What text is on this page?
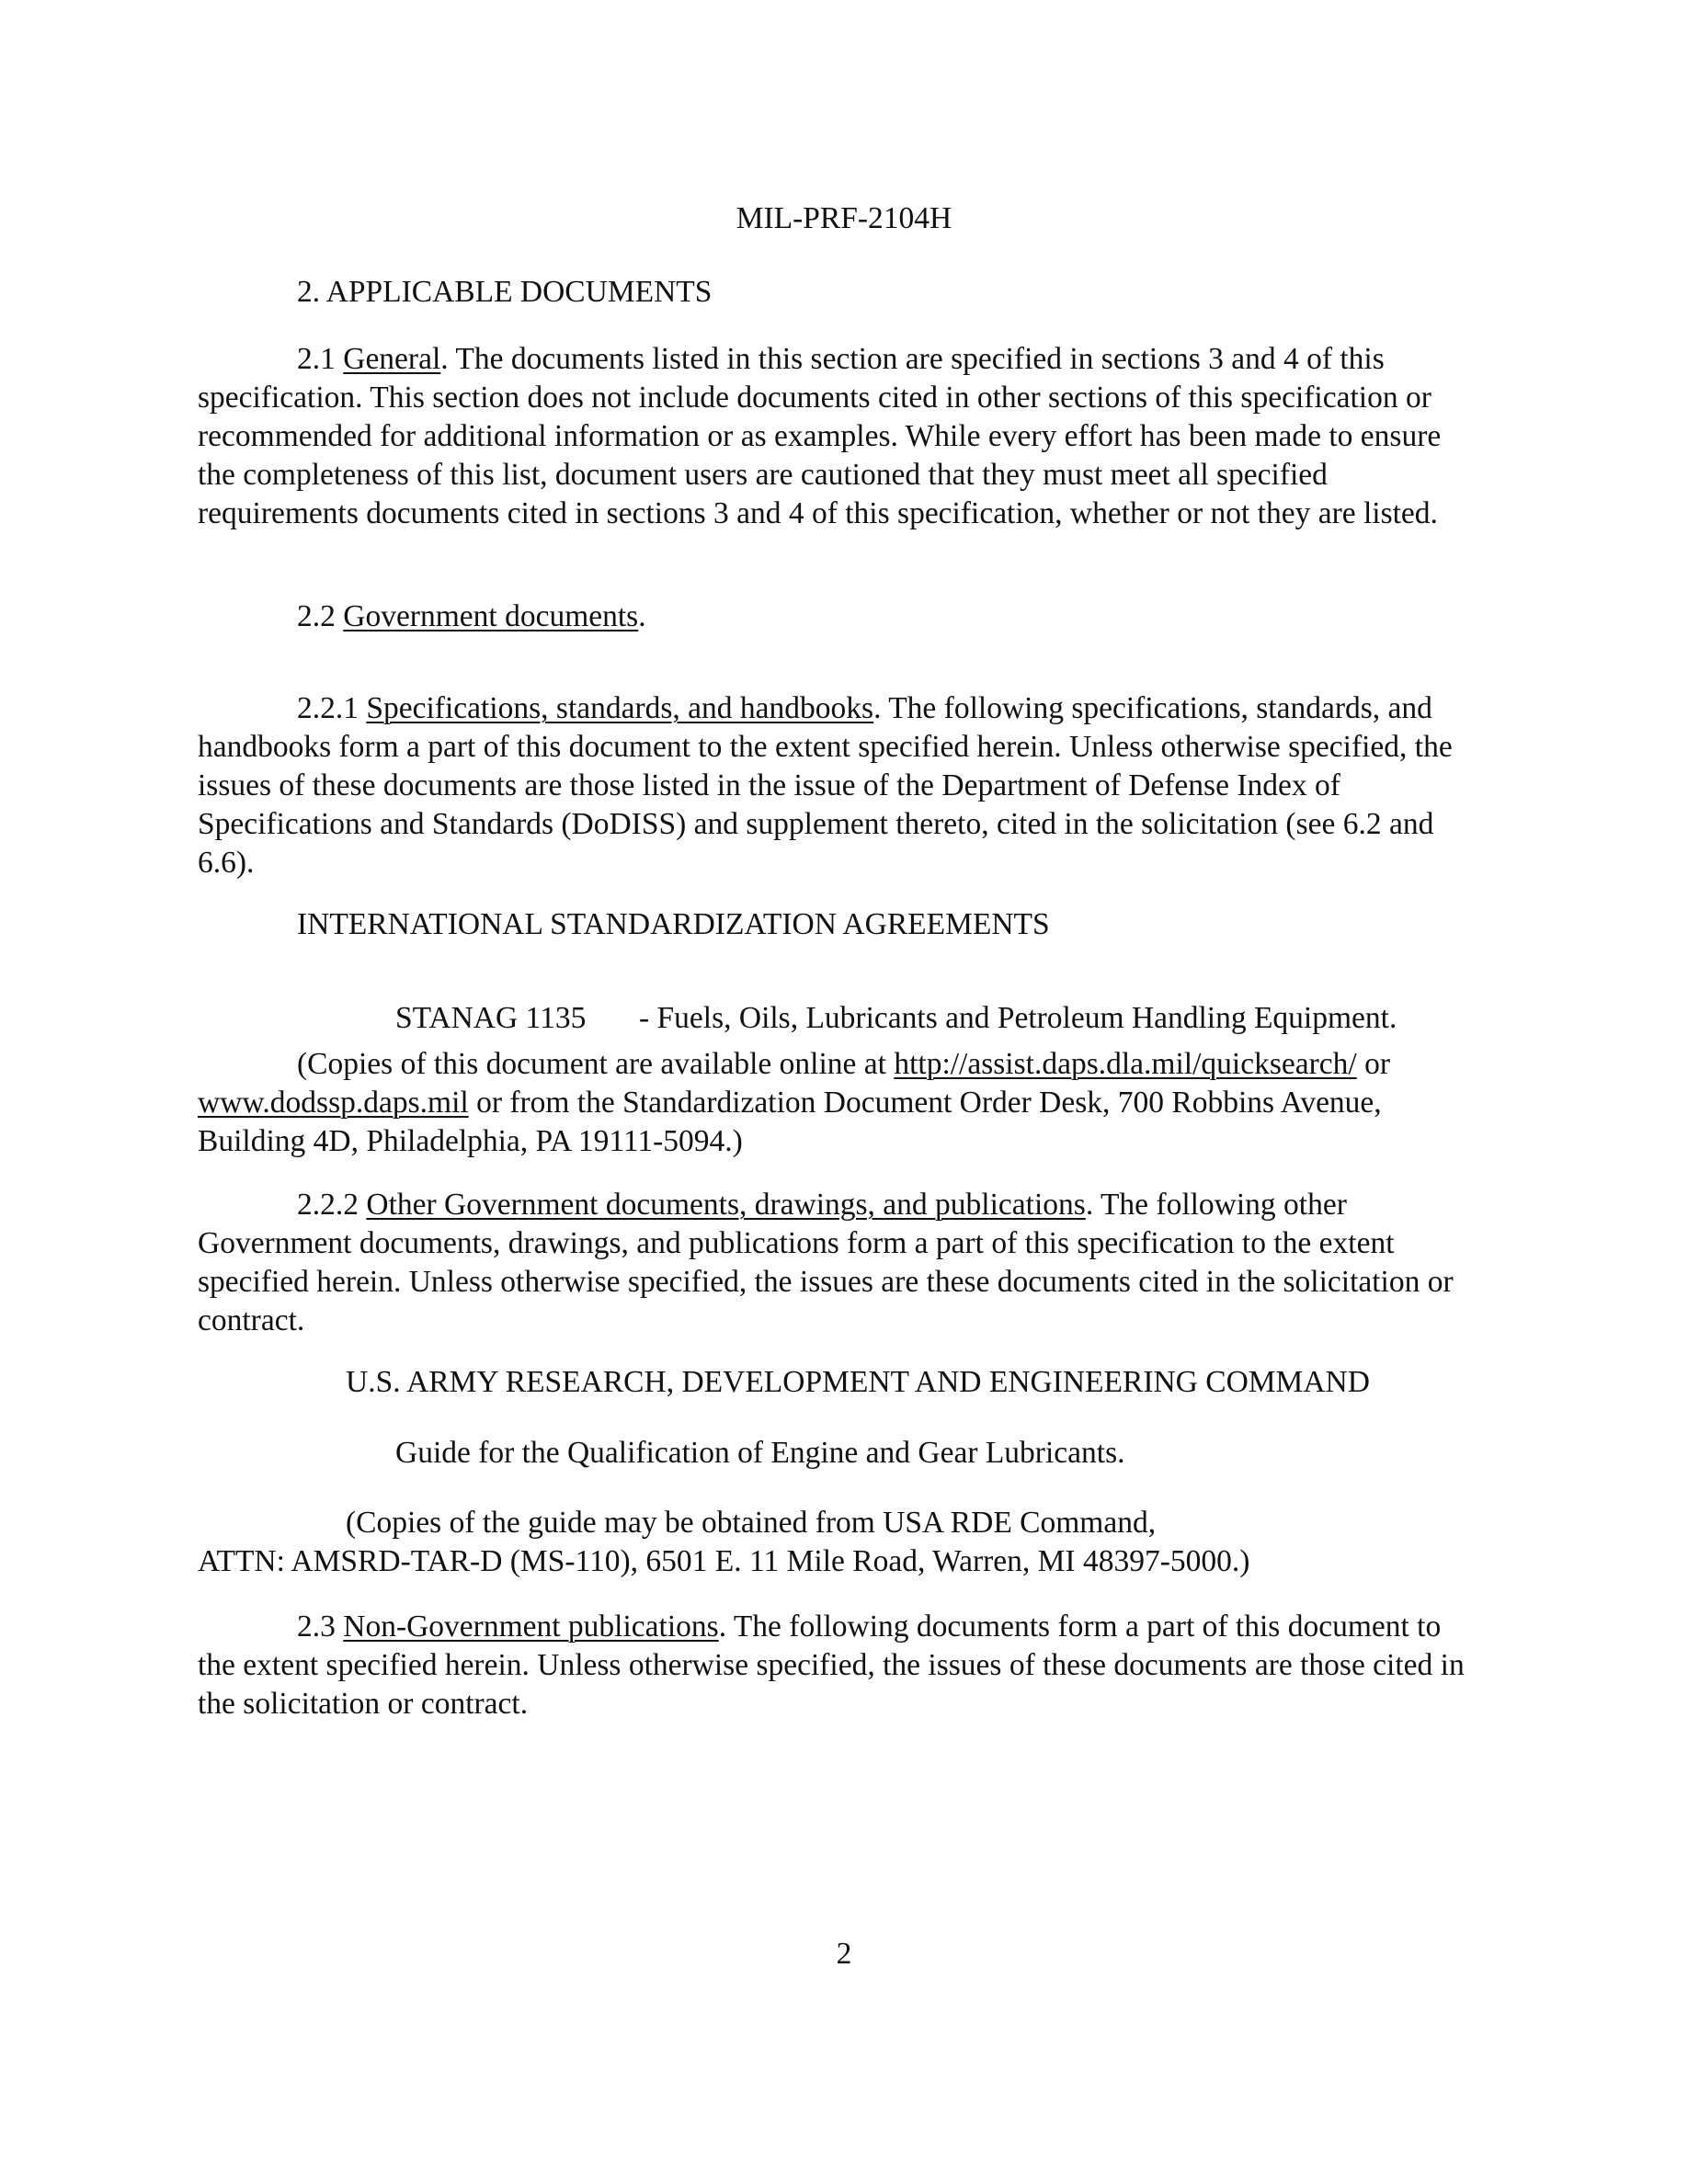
MIL-PRF-2104H

2. APPLICABLE DOCUMENTS

2.1 General. The documents listed in this section are specified in sections 3 and 4 of this specification. This section does not include documents cited in other sections of this specification or recommended for additional information or as examples. While every effort has been made to ensure the completeness of this list, document users are cautioned that they must meet all specified requirements documents cited in sections 3 and 4 of this specification, whether or not they are listed.

2.2 Government documents.

2.2.1 Specifications, standards, and handbooks. The following specifications, standards, and handbooks form a part of this document to the extent specified herein. Unless otherwise specified, the issues of these documents are those listed in the issue of the Department of Defense Index of Specifications and Standards (DoDISS) and supplement thereto, cited in the solicitation (see 6.2 and 6.6).

INTERNATIONAL STANDARDIZATION AGREEMENTS

STANAG 1135 - Fuels, Oils, Lubricants and Petroleum Handling Equipment.

(Copies of this document are available online at http://assist.daps.dla.mil/quicksearch/ or www.dodssp.daps.mil or from the Standardization Document Order Desk, 700 Robbins Avenue, Building 4D, Philadelphia, PA 19111-5094.)

2.2.2 Other Government documents, drawings, and publications. The following other Government documents, drawings, and publications form a part of this specification to the extent specified herein. Unless otherwise specified, the issues are these documents cited in the solicitation or contract.

U.S. ARMY RESEARCH, DEVELOPMENT AND ENGINEERING COMMAND

Guide for the Qualification of Engine and Gear Lubricants.

(Copies of the guide may be obtained from USA RDE Command,

ATTN: AMSRD-TAR-D (MS-110), 6501 E. 11 Mile Road, Warren, MI 48397-5000.)

2.3 Non-Government publications. The following documents form a part of this document to the extent specified herein. Unless otherwise specified, the issues of these documents are those cited in the solicitation or contract.

2
